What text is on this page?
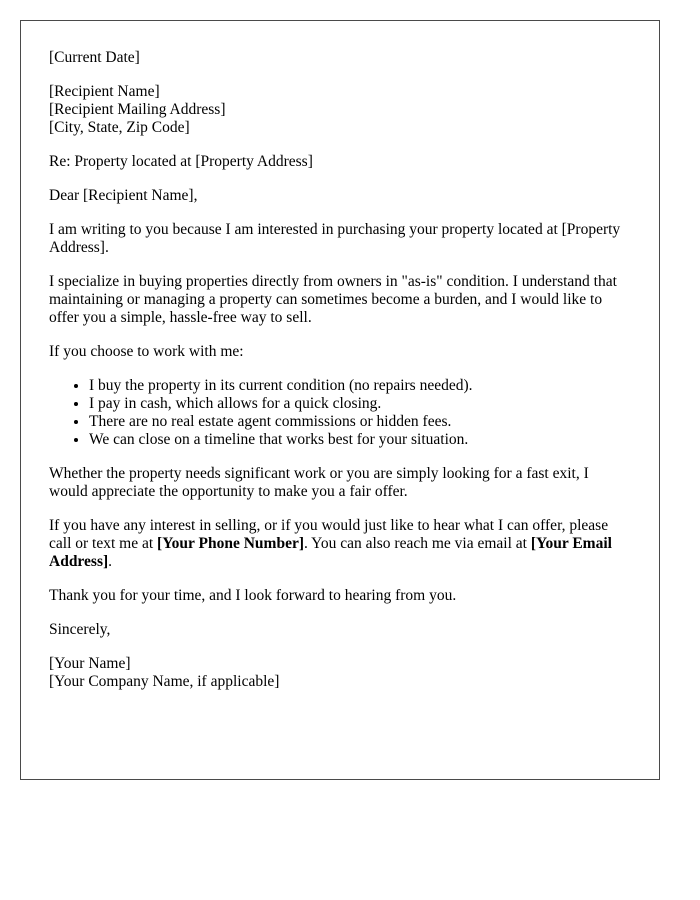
[Current Date]

[Recipient Name]
[Recipient Mailing Address]
[City, State, Zip Code]

Re: Property located at [Property Address]

Dear [Recipient Name],

I am writing to you because I am interested in purchasing your property located at [Property Address].

I specialize in buying properties directly from owners in "as-is" condition. I understand that maintaining or managing a property can sometimes become a burden, and I would like to offer you a simple, hassle-free way to sell.

If you choose to work with me:

• I buy the property in its current condition (no repairs needed).
• I pay in cash, which allows for a quick closing.
• There are no real estate agent commissions or hidden fees.
• We can close on a timeline that works best for your situation.

Whether the property needs significant work or you are simply looking for a fast exit, I would appreciate the opportunity to make you a fair offer.

If you have any interest in selling, or if you would just like to hear what I can offer, please call or text me at [Your Phone Number]. You can also reach me via email at [Your Email Address].

Thank you for your time, and I look forward to hearing from you.

Sincerely,

[Your Name]
[Your Company Name, if applicable]
